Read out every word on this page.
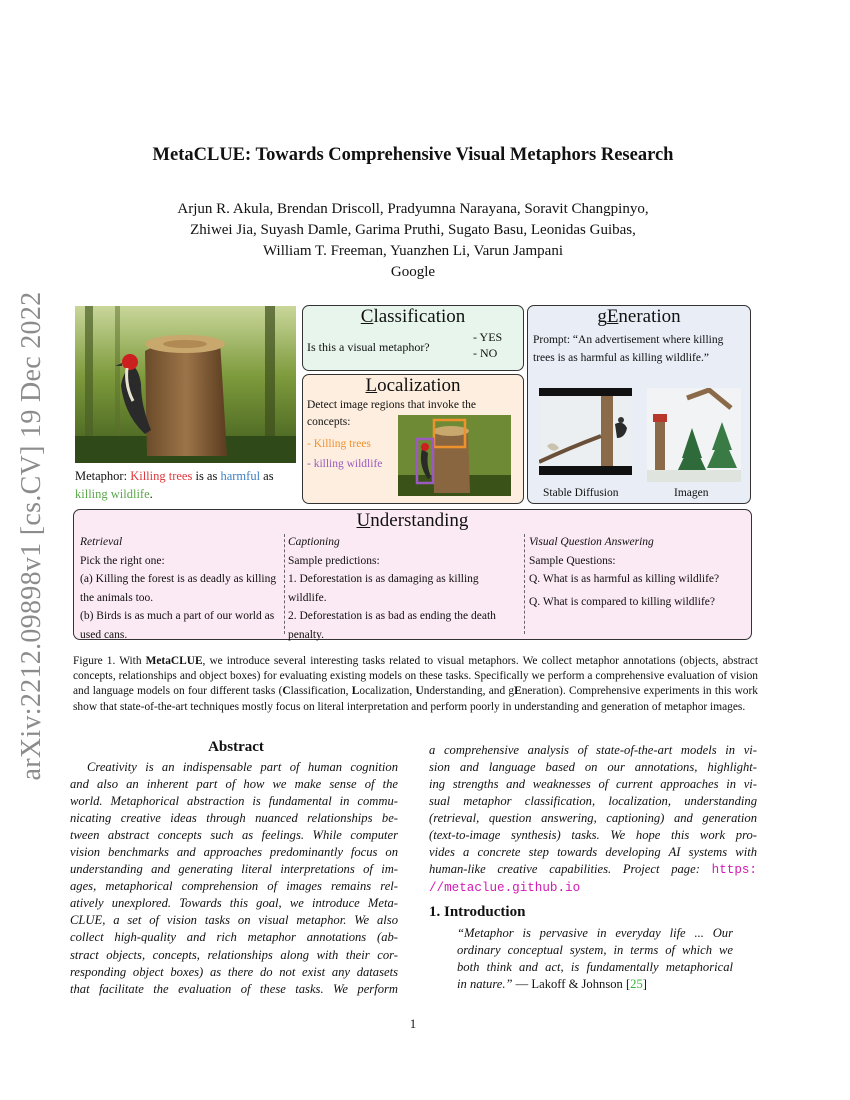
arXiv:2212.09898v1 [cs.CV] 19 Dec 2022
MetaCLUE: Towards Comprehensive Visual Metaphors Research
Arjun R. Akula, Brendan Driscoll, Pradyumna Narayana, Soravit Changpinyo,
Zhiwei Jia, Suyash Damle, Garima Pruthi, Sugato Basu, Leonidas Guibas,
William T. Freeman, Yuanzhen Li, Varun Jampani
Google
Metaphor: Killing trees is as harmful as killing wildlife.
Classification
Is this a visual metaphor?
- YES
- NO
Localization
Detect image regions that invoke the concepts:
- Killing trees
- killing wildlife
gEneration
Prompt: “An advertisement where killing trees is as harmful as killing wildlife.”
Stable Diffusion	Imagen
Understanding
Retrieval
Pick the right one:
(a) Killing the forest is as deadly as killing the animals too.
(b) Birds is as much a part of our world as used cans.
Captioning
Sample predictions:
1. Deforestation is as damaging as killing wildlife.
2. Deforestation is as bad as ending the death penalty.
Visual Question Answering
Sample Questions:
Q. What is as harmful as killing wildlife?
Q. What is compared to killing wildlife?
Figure 1. With MetaCLUE, we introduce several interesting tasks related to visual metaphors. We collect metaphor annotations (objects, abstract concepts, relationships and object boxes) for evaluating existing models on these tasks. Specifically we perform a comprehensive evaluation of vision and language models on four different tasks (Classification, Localization, Understanding, and gEneration). Comprehensive experiments in this work show that state-of-the-art techniques mostly focus on literal interpretation and perform poorly in understanding and generation of metaphor images.
Abstract
Creativity is an indispensable part of human cognition
and also an inherent part of how we make sense of the
world. Metaphorical abstraction is fundamental in commu-
nicating creative ideas through nuanced relationships be-
tween abstract concepts such as feelings. While computer
vision benchmarks and approaches predominantly focus on
understanding and generating literal interpretations of im-
ages, metaphorical comprehension of images remains rel-
atively unexplored. Towards this goal, we introduce Meta-
CLUE, a set of vision tasks on visual metaphor. We also
collect high-quality and rich metaphor annotations (ab-
stract objects, concepts, relationships along with their cor-
responding object boxes) as there do not exist any datasets
that facilitate the evaluation of these tasks. We perform
a comprehensive analysis of state-of-the-art models in vi-
sion and language based on our annotations, highlight-
ing strengths and weaknesses of current approaches in vi-
sual metaphor classification, localization, understanding
(retrieval, question answering, captioning) and generation
(text-to-image synthesis) tasks. We hope this work pro-
vides a concrete step towards developing AI systems with
human-like creative capabilities. Project page: https:
//metaclue.github.io
1. Introduction
“Metaphor is pervasive in everyday life ... Our
ordinary conceptual system, in terms of which we
both think and act, is fundamentally metaphorical
in nature.” — Lakoff & Johnson [25]
1
